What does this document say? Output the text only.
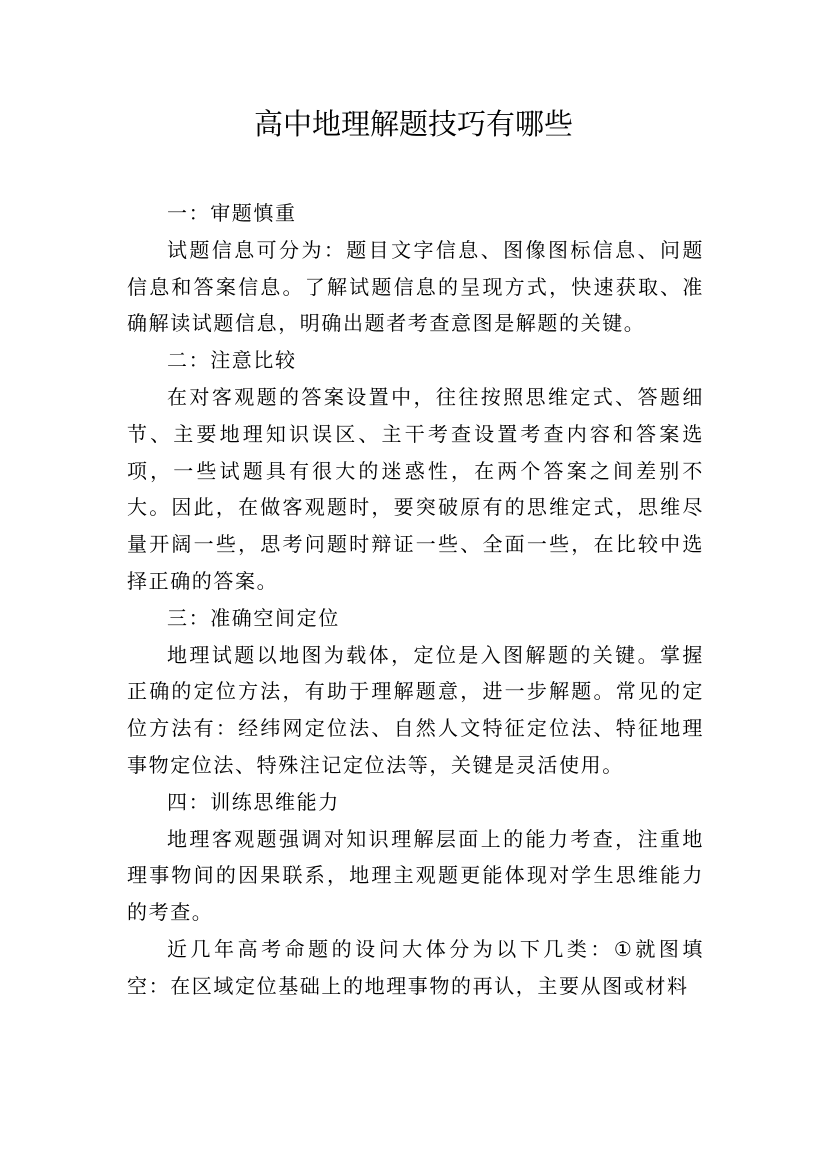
高中地理解题技巧有哪些

一：审题慎重

试题信息可分为：题目文字信息、图像图标信息、问题信息和答案信息。了解试题信息的呈现方式，快速获取、准确解读试题信息，明确出题者考查意图是解题的关键。

二：注意比较

在对客观题的答案设置中，往往按照思维定式、答题细节、主要地理知识误区、主干考查设置考查内容和答案选项，一些试题具有很大的迷惑性，在两个答案之间差别不大。因此，在做客观题时，要突破原有的思维定式，思维尽量开阔一些，思考问题时辩证一些、全面一些，在比较中选择正确的答案。

三：准确空间定位

地理试题以地图为载体，定位是入图解题的关键。掌握正确的定位方法，有助于理解题意，进一步解题。常见的定位方法有：经纬网定位法、自然人文特征定位法、特征地理事物定位法、特殊注记定位法等，关键是灵活使用。

四：训练思维能力

地理客观题强调对知识理解层面上的能力考查，注重地理事物间的因果联系，地理主观题更能体现对学生思维能力的考查。

近几年高考命题的设问大体分为以下几类：①就图填空：在区域定位基础上的地理事物的再认，主要从图或材料
